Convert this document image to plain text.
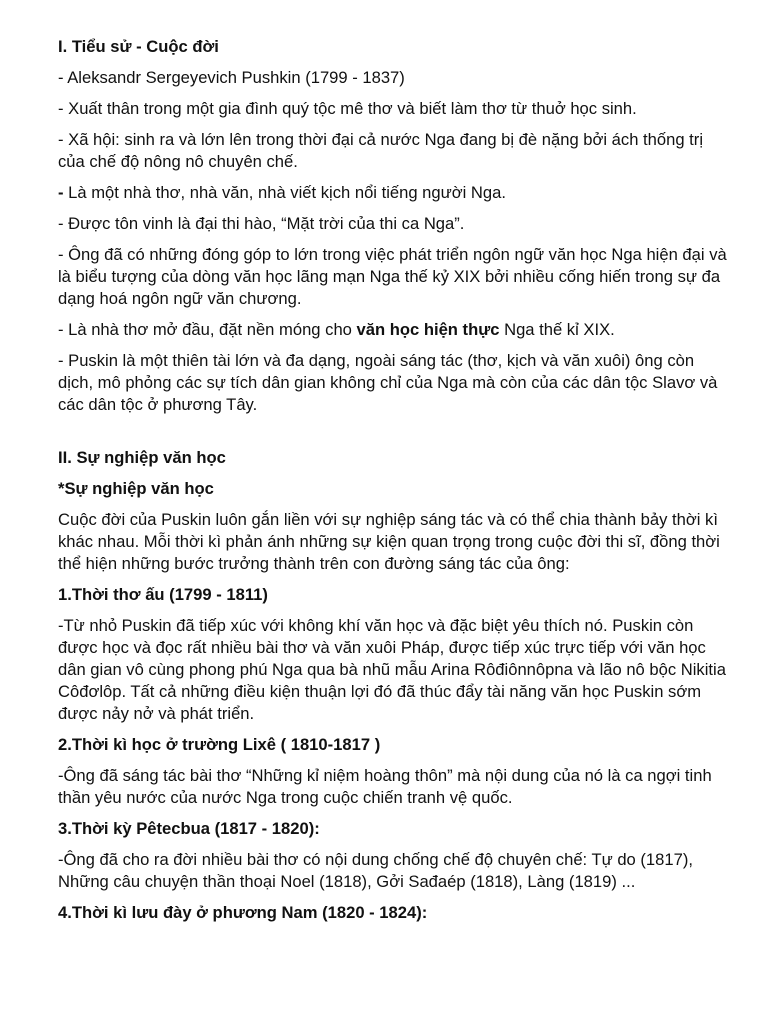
I. Tiểu sử - Cuộc đời

- Aleksandr Sergeyevich Pushkin (1799 - 1837)

- Xuất thân trong một gia đình quý tộc mê thơ và biết làm thơ từ thuở học sinh.

- Xã hội: sinh ra và lớn lên trong thời đại cả nước Nga đang bị đè nặng bởi ách thống trị của chế độ nông nô chuyên chế.

- Là một nhà thơ, nhà văn, nhà viết kịch nổi tiếng người Nga.

- Được tôn vinh là đại thi hào, “Mặt trời của thi ca Nga”.

- Ông đã có những đóng góp to lớn trong việc phát triển ngôn ngữ văn học Nga hiện đại và là biểu tượng của dòng văn học lãng mạn Nga thế kỷ XIX bởi nhiều cống hiến trong sự đa dạng hoá ngôn ngữ văn chương.

- Là nhà thơ mở đầu, đặt nền móng cho văn học hiện thực Nga thế kỉ XIX.

- Puskin là một thiên tài lớn và đa dạng, ngoài sáng tác (thơ, kịch và văn xuôi) ông còn dịch, mô phỏng các sự tích dân gian không chỉ của Nga mà còn của các dân tộc Slavơ và các dân tộc ở phương Tây.

II. Sự nghiệp văn học

*Sự nghiệp văn học

Cuộc đời của Puskin luôn gắn liền với sự nghiệp sáng tác và có thể chia thành bảy thời kì khác nhau. Mỗi thời kì phản ánh những sự kiện quan trọng trong cuộc đời thi sĩ, đồng thời thể hiện những bước trưởng thành trên con đường sáng tác của ông:

1.Thời thơ ấu (1799 - 1811)

-Từ nhỏ Puskin đã tiếp xúc với không khí văn học và đặc biệt yêu thích nó. Puskin còn được học và đọc rất nhiều bài thơ và văn xuôi Pháp, được tiếp xúc trực tiếp với văn học dân gian vô cùng phong phú Nga qua bà nhũ mẫu Arina Rôđiônnôpna và lão nô bộc Nikitia Côđơlôp. Tất cả những điều kiện thuận lợi đó đã thúc đẩy tài năng văn học Puskin sớm được nảy nở và phát triển.

2.Thời kì học ở trường Lixê ( 1810-1817 )

-Ông đã sáng tác bài thơ “Những kỉ niệm hoàng thôn” mà nội dung của nó là ca ngợi tinh thần yêu nước của nước Nga trong cuộc chiến tranh vệ quốc.

3.Thời kỳ Pêtecbua (1817 - 1820):

-Ông đã cho ra đời nhiều bài thơ có nội dung chống chế độ chuyên chế: Tự do (1817), Những câu chuyện thần thoại Noel (1818), Gởi Sađaép (1818), Làng (1819) ...

4.Thời kì lưu đày ở phương Nam (1820 - 1824):
